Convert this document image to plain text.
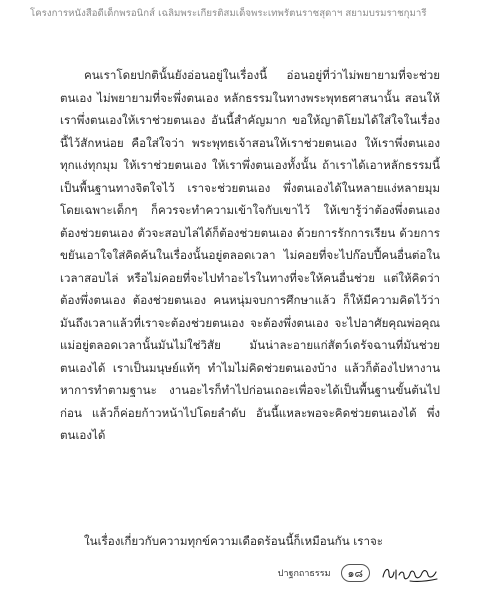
โครงการหนังสือดีเด็กพรอนิกส์ เฉลิมพระเกียรติสมเด็จพระเทพรัตนราชสุดาฯ สยามบรมราชกุมารี

คนเราโดยปกตินั้นยังอ่อนอยู่ในเรื่องนี้ อ่อนอยู่ที่ว่าไม่พยายามที่จะช่วยตนเอง ไม่พยายามที่จะพึ่งตนเอง หลักธรรมในทางพระพุทธศาสนานั้น สอนให้เราพึ่งตนเองให้เราช่วยตนเอง อันนี้สำคัญมาก ขอให้ญาติโยมได้ใส่ใจในเรื่องนี้ไว้สักหน่อย คือใส่ใจว่า พระพุทธเจ้าสอนให้เราช่วยตนเอง ให้เราพึ่งตนเอง ทุกแง่ทุกมุม ให้เราช่วยตนเอง ให้เราพึ่งตนเองทั้งนั้น ถ้าเราได้เอาหลักธรรมนี้เป็นพื้นฐานทางจิตใจไว้ เราจะช่วยตนเอง พึ่งตนเองได้ในหลายแง่หลายมุม โดยเฉพาะเด็กๆ ก็ควรจะทำความเข้าใจกับเขาไว้ ให้เขารู้ว่าต้องพึ่งตนเอง ต้องช่วยตนเอง ตัวจะสอบไล่ได้ก็ต้องช่วยตนเอง ด้วยการรักการเรียน ด้วยการขยันเอาใจใส่คิดค้นในเรื่องนั้นอยู่ตลอดเวลา ไม่คอยที่จะไปก๊อบปี้คนอื่นต่อในเวลาสอบไล่ หรือไม่คอยที่จะไปทำอะไรในทางที่จะให้คนอื่นช่วย แต่ให้คิดว่าต้องพึ่งตนเอง ต้องช่วยตนเอง คนหนุ่มจบการศึกษาแล้ว ก็ให้มีความคิดไว้ว่า มันถึงเวลาแล้วที่เราจะต้องช่วยตนเอง จะต้องพึ่งตนเอง จะไปอาศัยคุณพ่อคุณแม่อยู่ตลอดเวลานั้นมันไม่ใช่วิสัย มันน่าละอายแก่สัตว์เดรัจฉานที่มันช่วยตนเองได้ เราเป็นมนุษย์แท้ๆ ทำไมไม่คิดช่วยตนเองบ้าง แล้วก็ต้องไปหางานหาการทำตามฐานะ งานอะไรก็ทำไปก่อนเถอะเพื่อจะได้เป็นพื้นฐานขั้นต้นไปก่อน แล้วก็ค่อยก้าวหน้าไปโดยลำดับ อันนี้แหละพอจะคิดช่วยตนเองได้ พึ่งตนเองได้

ในเรื่องเกี่ยวกับความทุกข์ความเดือดร้อนนี้ก็เหมือนกัน เราจะ
ปาฐกถาธรรม	๑๘
